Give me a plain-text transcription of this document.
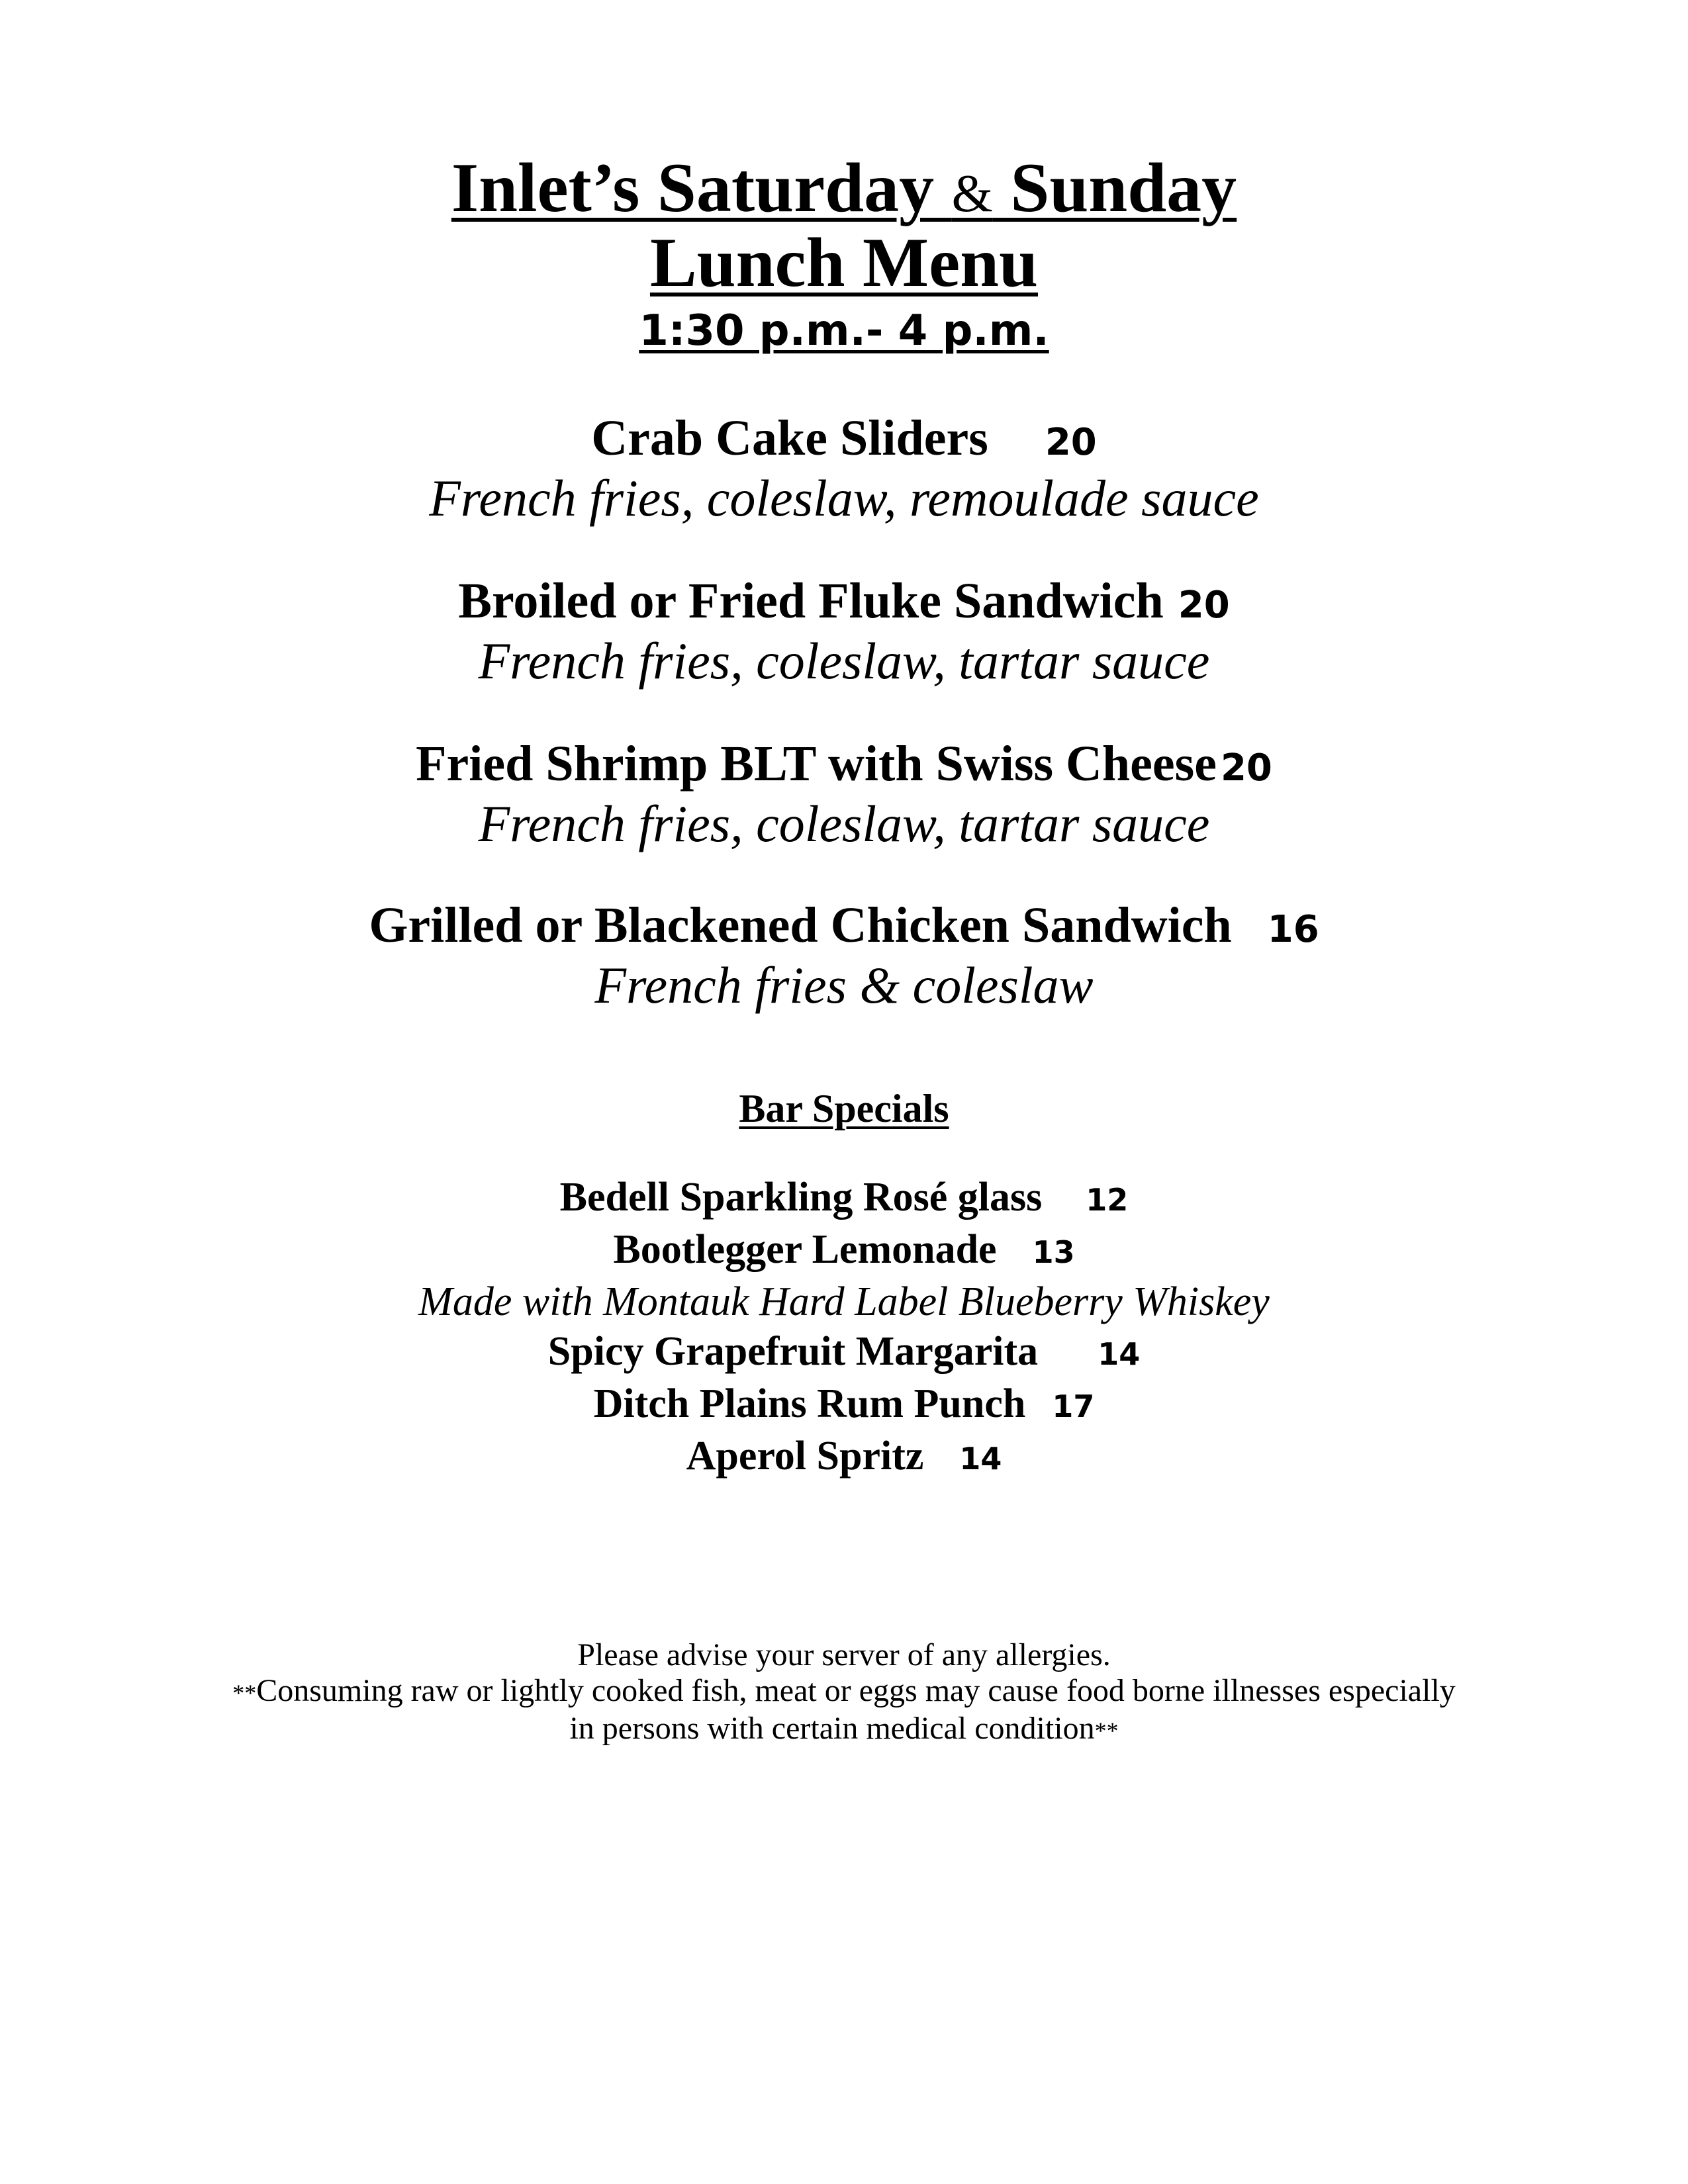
Inlet’s Saturday & Sunday
Lunch Menu
1:30 p.m.- 4 p.m.
Crab Cake Sliders 20
French fries, coleslaw, remoulade sauce
Broiled or Fried Fluke Sandwich 20
French fries, coleslaw, tartar sauce
Fried Shrimp BLT with Swiss Cheese 20
French fries, coleslaw, tartar sauce
Grilled or Blackened Chicken Sandwich 16
French fries & coleslaw
Bar Specials
Bedell Sparkling Rosé glass 12
Bootlegger Lemonade 13
Made with Montauk Hard Label Blueberry Whiskey
Spicy Grapefruit Margarita 14
Ditch Plains Rum Punch 17
Aperol Spritz 14
Please advise your server of any allergies.
**Consuming raw or lightly cooked fish, meat or eggs may cause food borne illnesses especially
in persons with certain medical condition**
